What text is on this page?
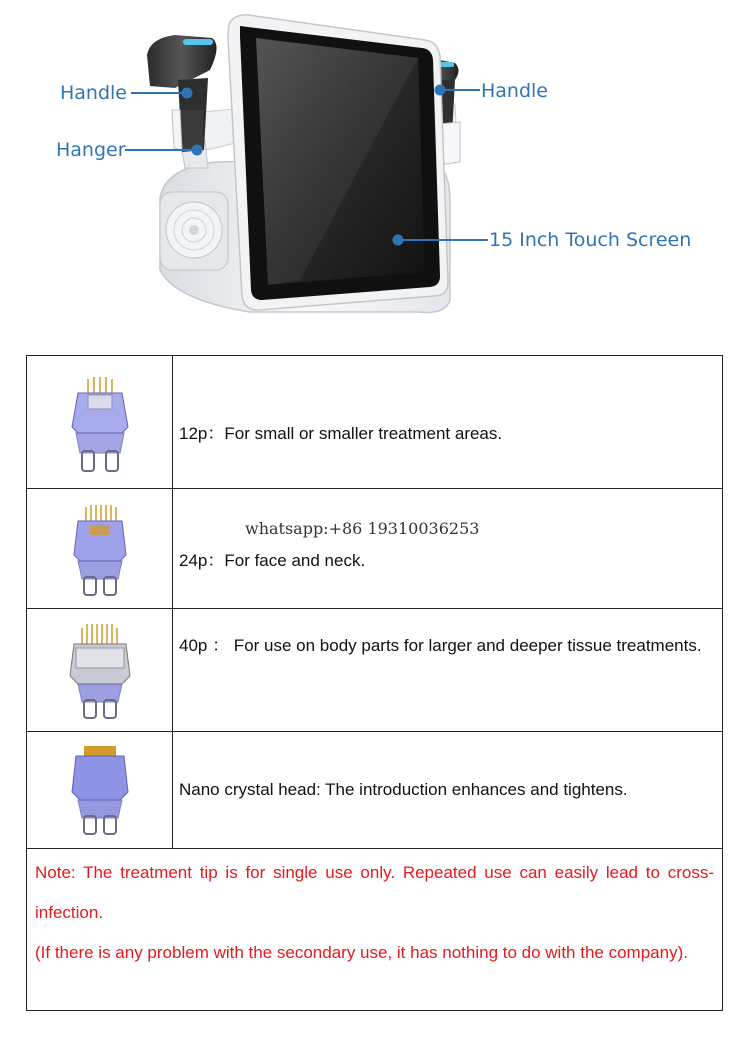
Handle
Hanger
Handle
15 Inch Touch Screen
12p：For small or smaller treatment areas.
whatsapp:+86 19310036253
24p：For face and neck.
40p ： For use on body parts for larger and deeper tissue treatments.
Nano crystal head: The introduction enhances and tightens.

Note: The treatment tip is for single use only. Repeated use can easily lead to cross-infection.

(If there is any problem with the secondary use, it has nothing to do with the company).
